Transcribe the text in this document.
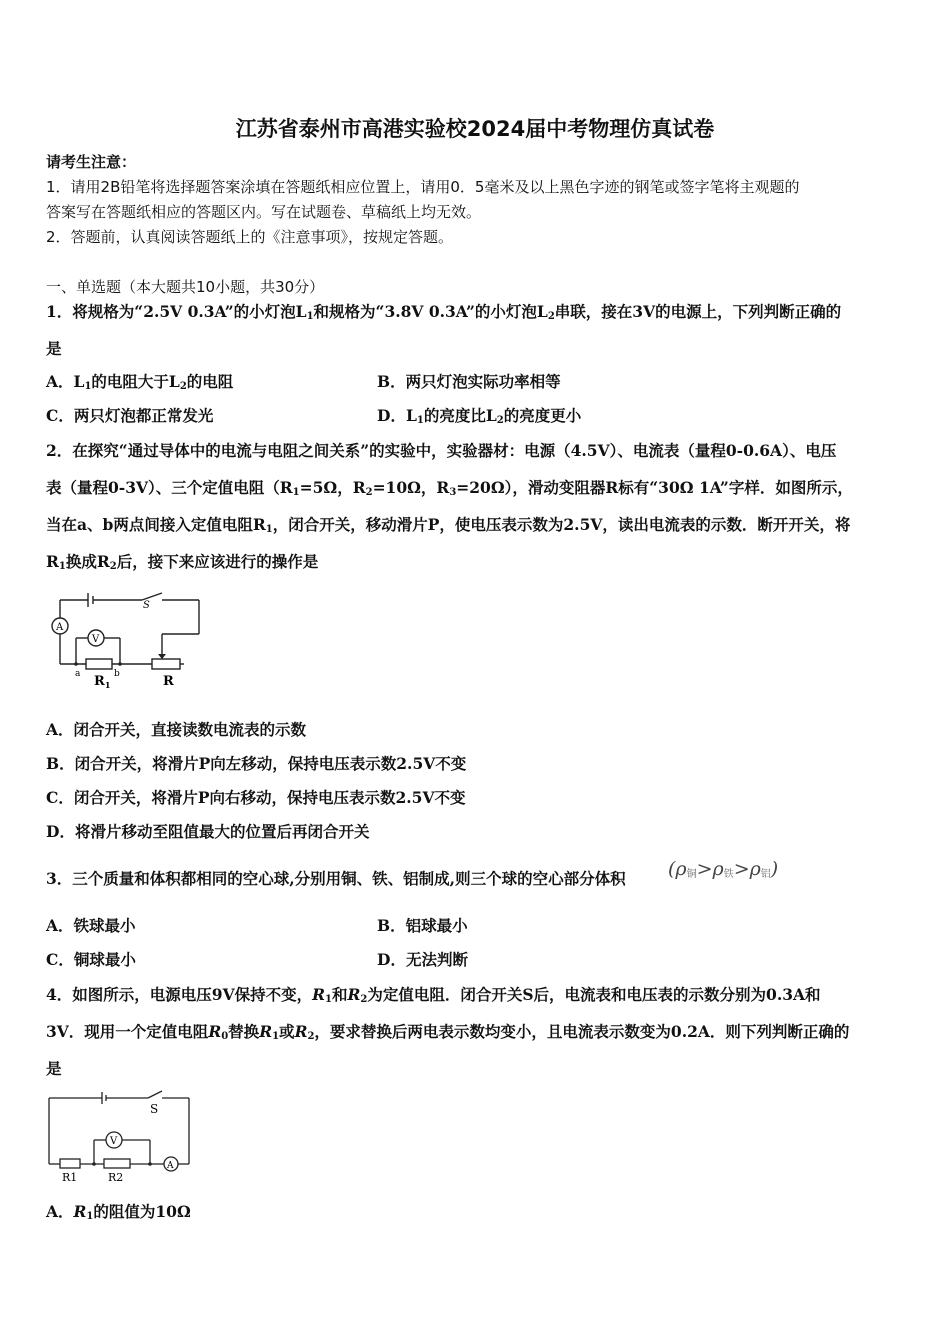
江苏省泰州市高港实验校2024届中考物理仿真试卷
请考生注意：
1．请用2B铅笔将选择题答案涂填在答题纸相应位置上，请用0．5毫米及以上黑色字迹的钢笔或签字笔将主观题的
答案写在答题纸相应的答题区内。写在试题卷、草稿纸上均无效。
2．答题前，认真阅读答题纸上的《注意事项》，按规定答题。
一、单选题（本大题共10小题，共30分）
1．将规格为“2.5V 0.3A”的小灯泡$L_1$和规格为“3.8V 0.3A”的小灯泡$L_2$串联，接在3V的电源上，下列判断正确的
是
A．$L_1$的电阻大于$L_2$的电阻	B．两只灯泡实际功率相等
C．两只灯泡都正常发光	D．$L_1$的亮度比$L_2$的亮度更小
2．在探究“通过导体中的电流与电阻之间关系”的实验中，实验器材：电源（4.5V）、电流表（量程0-0.6A）、电压
表（量程0-3V）、三个定值电阻（$R_1=5\Omega$，$R_2=10\Omega$，$R_3=20\Omega$），滑动变阻器R标有“30Ω 1A”字样．如图所示，
当在a、b两点间接入定值电阻$R_1$，闭合开关，移动滑片P，使电压表示数为2.5V，读出电流表的示数．断开开关，将
$R_1$换成$R_2$后，接下来应该进行的操作是
S
A
V
a	b
$R_1$	R
A．闭合开关，直接读数电流表的示数
B．闭合开关，将滑片P向左移动，保持电压表示数2.5V不变
C．闭合开关，将滑片P向右移动，保持电压表示数2.5V不变
D．将滑片移动至阻值最大的位置后再闭合开关
3．三个质量和体积都相同的空心球,分别用铜、铁、铝制成,则三个球的空心部分体积 $(\rho_铜>\rho_铁>\rho_铝)$
A．铁球最小	B．铝球最小
C．铜球最小	D．无法判断
4．如图所示，电源电压9V保持不变，$R_1$和$R_2$为定值电阻．闭合开关S后，电流表和电压表的示数分别为0.3A和
3V．现用一个定值电阻$R_0$替换$R_1$或$R_2$，要求替换后两电表示数均变小，且电流表示数变为0.2A．则下列判断正确的
是
S
V
A
R1	R2
A．$R_1$的阻值为10Ω
